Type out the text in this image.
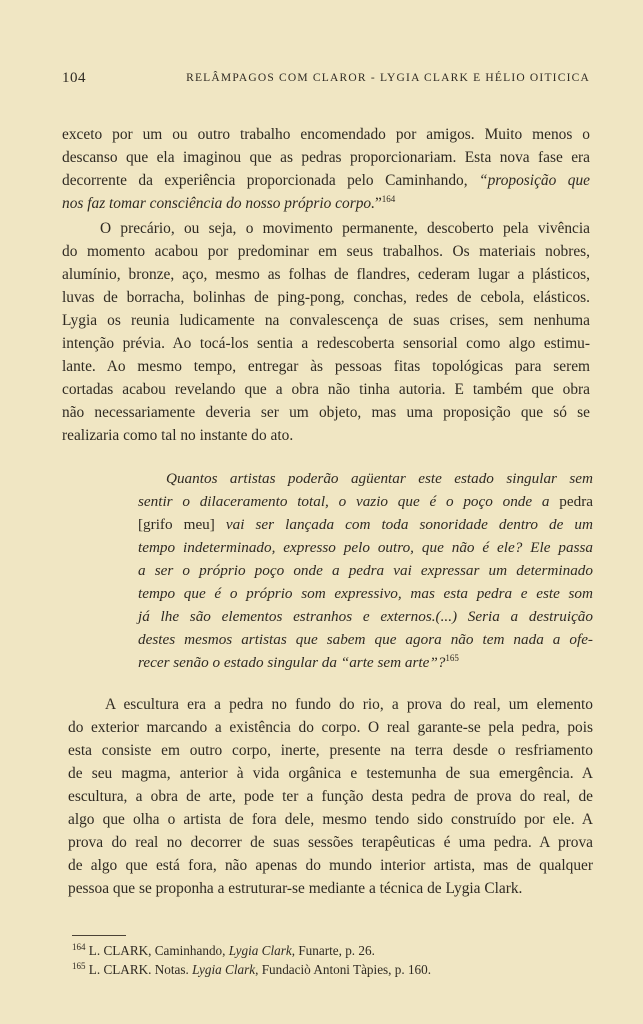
104	RELÂMPAGOS COM CLAROR - LYGIA CLARK E HÉLIO OITICICA
exceto por um ou outro trabalho encomendado por amigos. Muito menos o
descanso que ela imaginou que as pedras proporcionariam. Esta nova fase era
decorrente da experiência proporcionada pelo Caminhando, “proposição que
nos faz tomar consciência do nosso próprio corpo.”$^{164}$
O precário, ou seja, o movimento permanente, descoberto pela vivência
do momento acabou por predominar em seus trabalhos. Os materiais nobres,
alumínio, bronze, aço, mesmo as folhas de flandres, cederam lugar a plásticos,
luvas de borracha, bolinhas de ping-pong, conchas, redes de cebola, elásticos.
Lygia os reunia ludicamente na convalescença de suas crises, sem nenhuma
intenção prévia. Ao tocá-los sentia a redescoberta sensorial como algo estimu-
lante. Ao mesmo tempo, entregar às pessoas fitas topológicas para serem
cortadas acabou revelando que a obra não tinha autoria. E também que obra
não necessariamente deveria ser um objeto, mas uma proposição que só se
realizaria como tal no instante do ato.
Quantos artistas poderão agüentar este estado singular sem
sentir o dilaceramento total, o vazio que é o poço onde a pedra
[grifo meu] vai ser lançada com toda sonoridade dentro de um
tempo indeterminado, expresso pelo outro, que não é ele? Ele passa
a ser o próprio poço onde a pedra vai expressar um determinado
tempo que é o próprio som expressivo, mas esta pedra e este som
já lhe são elementos estranhos e externos.(...) Seria a destruição
destes mesmos artistas que sabem que agora não tem nada a ofe-
recer senão o estado singular da “arte sem arte”?$^{165}$
A escultura era a pedra no fundo do rio, a prova do real, um elemento
do exterior marcando a existência do corpo. O real garante-se pela pedra, pois
esta consiste em outro corpo, inerte, presente na terra desde o resfriamento
de seu magma, anterior à vida orgânica e testemunha de sua emergência. A
escultura, a obra de arte, pode ter a função desta pedra de prova do real, de
algo que olha o artista de fora dele, mesmo tendo sido construído por ele. A
prova do real no decorrer de suas sessões terapêuticas é uma pedra. A prova
de algo que está fora, não apenas do mundo interior artista, mas de qualquer
pessoa que se proponha a estruturar-se mediante a técnica de Lygia Clark.
$^{164}$ L. CLARK, Caminhando, Lygia Clark, Funarte, p. 26.
$^{165}$ L. CLARK. Notas. Lygia Clark, Fundaciò Antoni Tàpies, p. 160.
